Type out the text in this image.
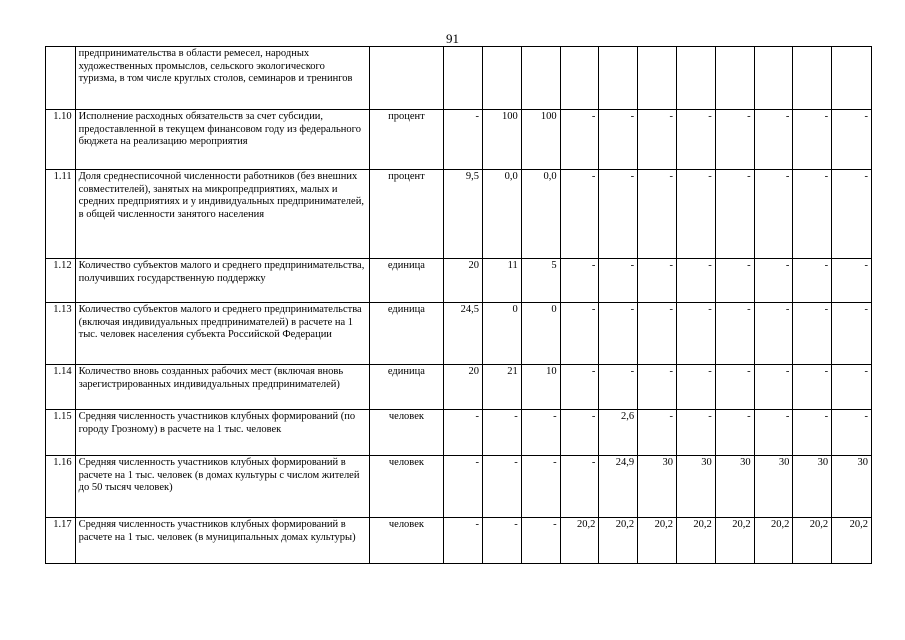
91
	предпринимательства в области ремесел, народных художественных промыслов, сельского экологического туризма, в том числе круглых столов, семинаров и тренингов												
1.10	Исполнение расходных обязательств за счет субсидии, предоставленной в текущем финансовом году из федерального бюджета на реализацию мероприятия	процент	-	100	100	-	-	-	-	-	-	-	-
1.11	Доля среднесписочной численности работников (без внешних совместителей), занятых на микропредприятиях, малых и средних предприятиях и у индивидуальных предпринимателей, в общей численности занятого населения	процент	9,5	0,0	0,0	-	-	-	-	-	-	-	-
1.12	Количество субъектов малого и среднего предпринимательства, получивших государственную поддержку	единица	20	11	5	-	-	-	-	-	-	-	-
1.13	Количество субъектов малого и среднего предпринимательства (включая индивидуальных предпринимателей) в расчете на 1 тыс. человек населения субъекта Российской Федерации	единица	24,5	0	0	-	-	-	-	-	-	-	-
1.14	Количество вновь созданных рабочих мест (включая вновь зарегистрированных индивидуальных предпринимателей)	единица	20	21	10	-	-	-	-	-	-	-	-
1.15	Средняя численность участников клубных формирований (по городу Грозному) в расчете на 1 тыс. человек	человек	-	-	-	-	2,6	-	-	-	-	-	-
1.16	Средняя численность участников клубных формирований в расчете на 1 тыс. человек (в домах культуры с числом жителей до 50 тысяч человек)	человек	-	-	-	-	24,9	30	30	30	30	30	30
1.17	Средняя численность участников клубных формирований в расчете на 1 тыс. человек (в муниципальных домах культуры)	человек	-	-	-	20,2	20,2	20,2	20,2	20,2	20,2	20,2	20,2
